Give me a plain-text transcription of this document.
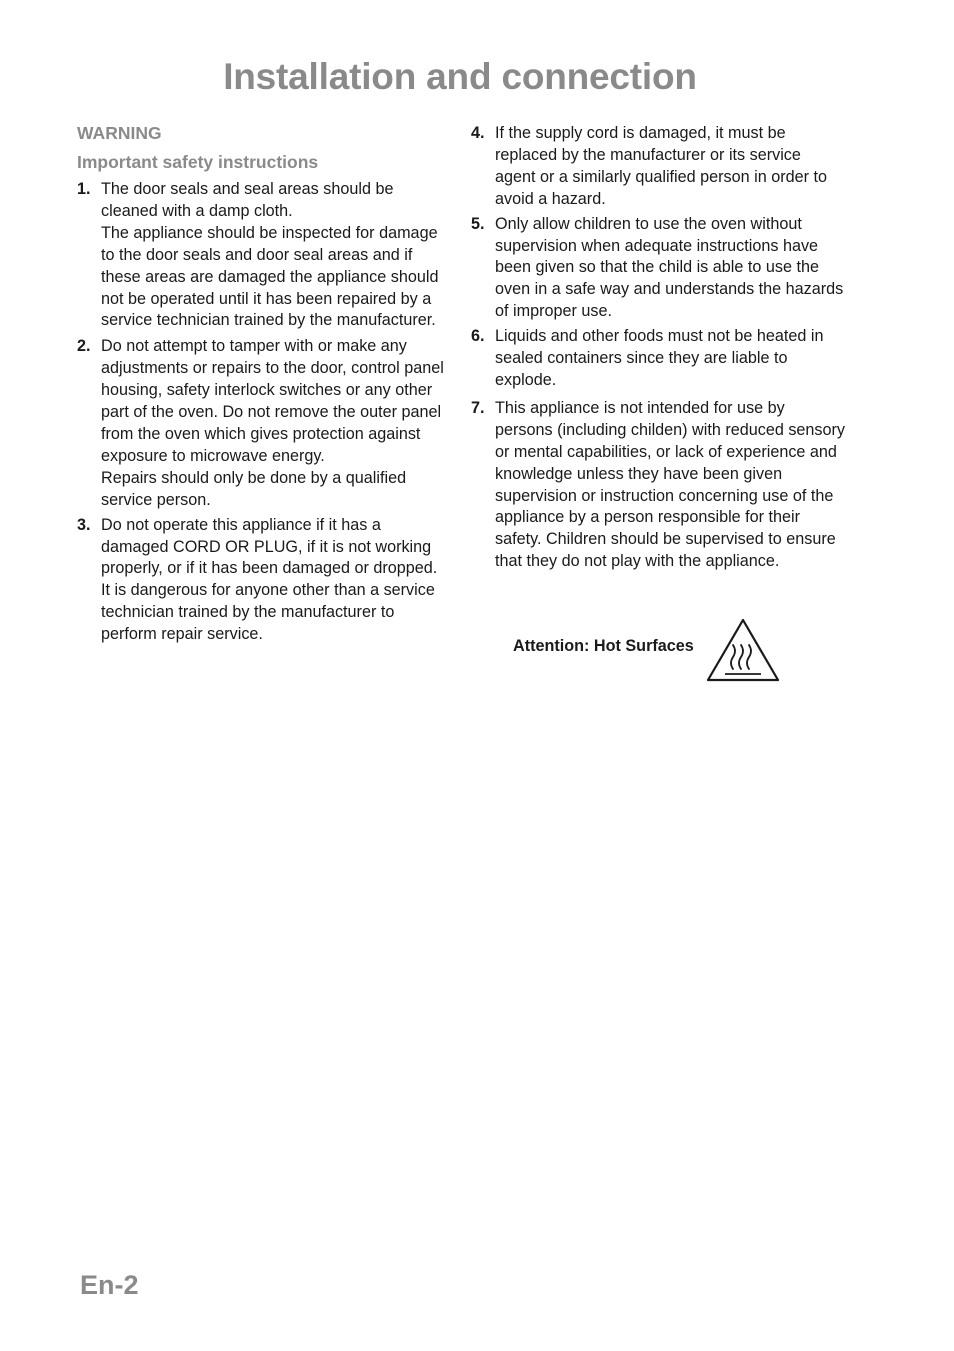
Installation and connection
WARNING
Important safety instructions
1. The door seals and seal areas should be cleaned with a damp cloth.

The appliance should be inspected for damage to the door seals and door seal areas and if these areas are damaged the appliance should not be operated until it has been repaired by a service technician trained by the manufacturer.

2. Do not attempt to tamper with or make any adjustments or repairs to the door, control panel housing, safety interlock switches or any other part of the oven. Do not remove the outer panel from the oven which gives protection against exposure to microwave energy.

Repairs should only be done by a qualified service person.

3. Do not operate this appliance if it has a damaged CORD OR PLUG, if it is not working properly, or if it has been damaged or dropped. It is dangerous for anyone other than a service technician trained by the manufacturer to perform repair service.

4. If the supply cord is damaged, it must be replaced by the manufacturer or its service agent or a similarly qualified person in order to avoid a hazard.

5. Only allow children to use the oven without supervision when adequate instructions have been given so that the child is able to use the oven in a safe way and understands the hazards of improper use.

6. Liquids and other foods must not be heated in sealed containers since they are liable to explode.

7. This appliance is not intended for use by persons (including childen) with reduced sensory or mental capabilities, or lack of experience and knowledge unless they have been given supervision or instruction concerning use of the appliance by a person responsible for their safety. Children should be supervised to ensure that they do not play with the appliance.

Attention: Hot Surfaces
En-2
